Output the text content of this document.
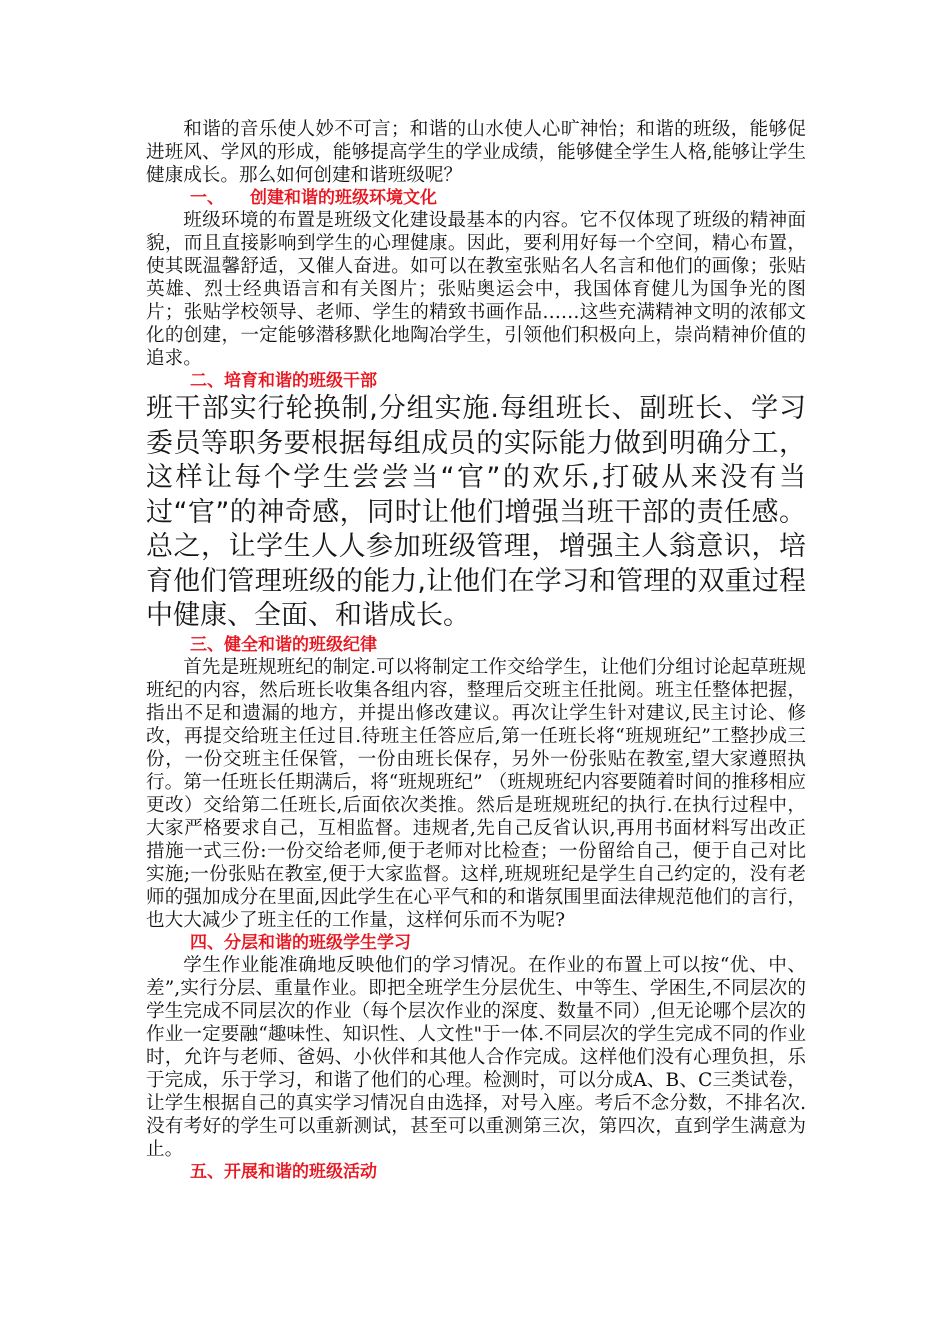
和谐的音乐使人妙不可言；和谐的山水使人心旷神怡；和谐的班级，能够促进班风、学风的形成，能够提高学生的学业成绩，能够健全学生人格,能够让学生健康成长。那么如何创建和谐班级呢？

一、 创建和谐的班级环境文化

班级环境的布置是班级文化建设最基本的内容。它不仅体现了班级的精神面貌，而且直接影响到学生的心理健康。因此，要利用好每一个空间，精心布置，使其既温馨舒适，又催人奋进。如可以在教室张贴名人名言和他们的画像；张贴英雄、烈士经典语言和有关图片；张贴奥运会中，我国体育健儿为国争光的图片；张贴学校领导、老师、学生的精致书画作品……这些充满精神文明的浓郁文化的创建，一定能够潜移默化地陶冶学生，引领他们积极向上，崇尚精神价值的追求。

二、培育和谐的班级干部

班干部实行轮换制,分组实施.每组班长、副班长、学习委员等职务要根据每组成员的实际能力做到明确分工，这样让每个学生尝尝当“官”的欢乐,打破从来没有当过“官”的神奇感，同时让他们增强当班干部的责任感。总之，让学生人人参加班级管理，增强主人翁意识，培育他们管理班级的能力,让他们在学习和管理的双重过程中健康、全面、和谐成长。

三、健全和谐的班级纪律

首先是班规班纪的制定.可以将制定工作交给学生，让他们分组讨论起草班规班纪的内容，然后班长收集各组内容，整理后交班主任批阅。班主任整体把握，指出不足和遗漏的地方，并提出修改建议。再次让学生针对建议,民主讨论、修改，再提交给班主任过目.待班主任答应后,第一任班长将“班规班纪”工整抄成三份，一份交班主任保管，一份由班长保存，另外一份张贴在教室,望大家遵照执行。第一任班长任期满后，将“班规班纪” （班规班纪内容要随着时间的推移相应更改）交给第二任班长,后面依次类推。然后是班规班纪的执行.在执行过程中，大家严格要求自己，互相监督。违规者,先自己反省认识,再用书面材料写出改正措施一式三份:一份交给老师,便于老师对比检查；一份留给自己，便于自己对比实施;一份张贴在教室,便于大家监督。这样,班规班纪是学生自己约定的，没有老师的强加成分在里面,因此学生在心平气和的和谐氛围里面法律规范他们的言行，也大大减少了班主任的工作量，这样何乐而不为呢?

四、分层和谐的班级学生学习

学生作业能准确地反映他们的学习情况。在作业的布置上可以按“优、中、差”,实行分层、重量作业。即把全班学生分层优生、中等生、学困生,不同层次的学生完成不同层次的作业（每个层次作业的深度、数量不同）,但无论哪个层次的作业一定要融“趣味性、知识性、人文性"于一体.不同层次的学生完成不同的作业时，允许与老师、爸妈、小伙伴和其他人合作完成。这样他们没有心理负担，乐于完成，乐于学习，和谐了他们的心理。检测时，可以分成A、B、C三类试卷，让学生根据自己的真实学习情况自由选择，对号入座。考后不念分数，不排名次.没有考好的学生可以重新测试，甚至可以重测第三次，第四次，直到学生满意为止。

五、开展和谐的班级活动
